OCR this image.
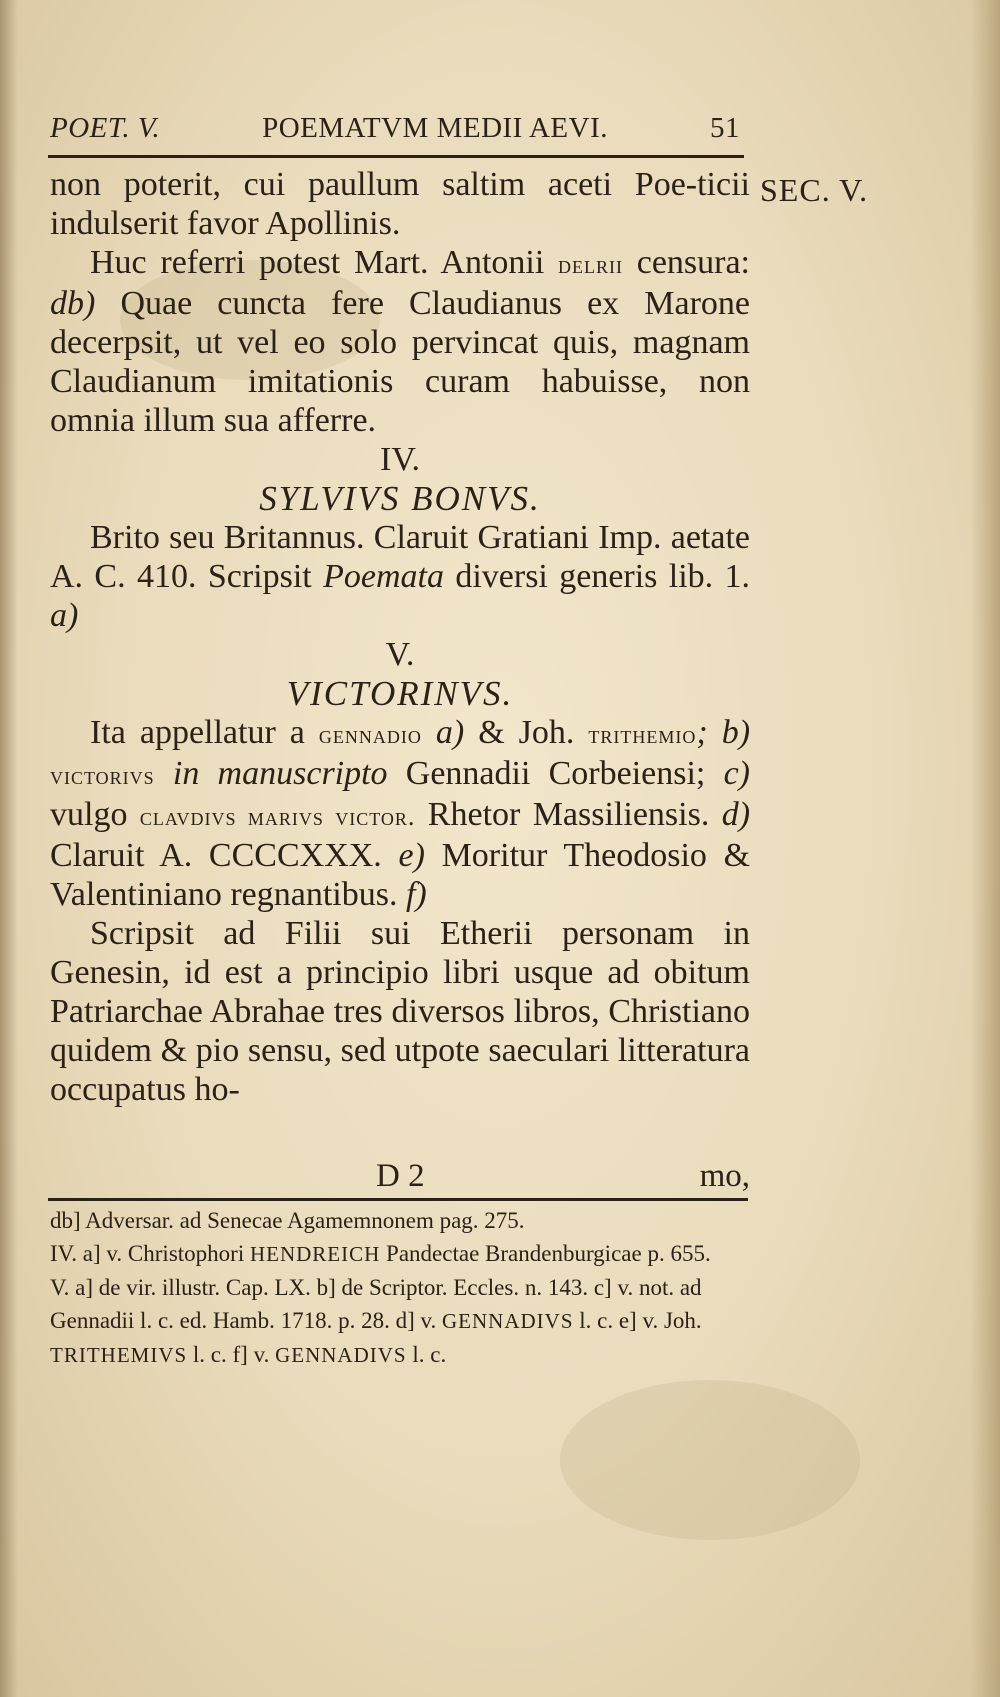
POET. V.	POEMATVM MEDII AEVI.	51
SEC. V.

non poterit, cui paullum saltim aceti Poe-ticii indulserit favor Apollinis.

Huc referri potest Mart. Antonii delrii censura: db) Quae cuncta fere Claudianus ex Marone decerpsit, ut vel eo solo pervincat quis, magnam Claudianum imitationis curam habuisse, non omnia illum sua afferre.

IV.

SYLVIVS BONVS.

Brito seu Britannus. Claruit Gratiani Imp. aetate A. C. 410. Scripsit Poemata diversi generis lib. 1. a)

V.

VICTORINVS.

Ita appellatur a gennadio a) & Joh. trithemio; b) victorivs in manuscripto Gennadii Corbeiensi; c) vulgo clavdivs marivs victor. Rhetor Massiliensis. d) Claruit A. CCCCXXX. e) Moritur Theodosio & Valentiniano regnantibus. f)

Scripsit ad Filii sui Etherii personam in Genesin, id est a principio libri usque ad obitum Patriarchae Abrahae tres diversos libros, Christiano quidem & pio sensu, sed utpote saeculari litteratura occupatus ho-

D 2	mo,

db] Adversar. ad Senecae Agamemnonem pag. 275.

IV. a] v. Christophori HENDREICH Pandectae Brandenburgicae p. 655.

V. a] de vir. illustr. Cap. LX. b] de Scriptor. Eccles. n. 143. c] v. not. ad Gennadii l. c. ed. Hamb. 1718. p. 28. d] v. GENNADIVS l. c. e] v. Joh. TRITHEMIVS l. c. f] v. GENNADIVS l. c.
